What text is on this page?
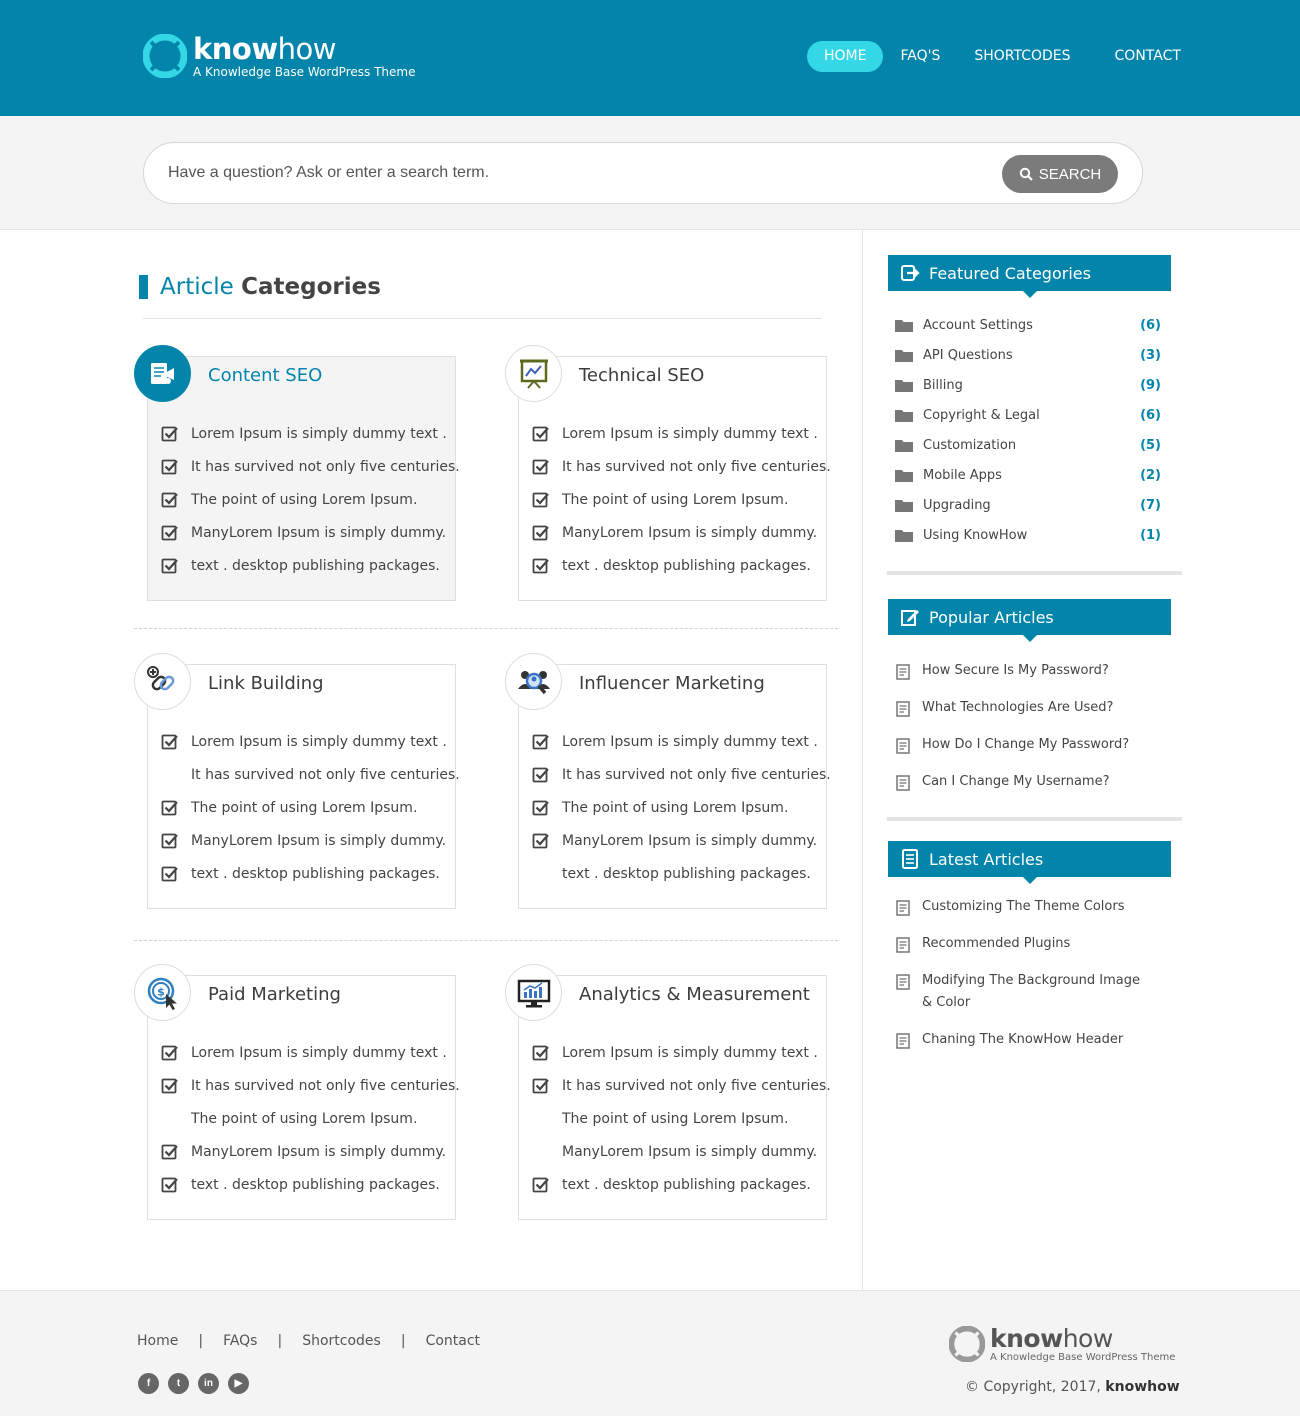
knowhow
A Knowledge Base WordPress Theme
HOME	FAQ'S	SHORTCODES	CONTACT
Have a question? Ask or enter a search term.
SEARCH
Article Categories
Content SEO
Lorem Ipsum is simply dummy text .
It has survived not only five centuries.
The point of using Lorem Ipsum.
ManyLorem Ipsum is simply dummy.
text . desktop publishing packages.
Technical SEO
Lorem Ipsum is simply dummy text .
It has survived not only five centuries.
The point of using Lorem Ipsum.
ManyLorem Ipsum is simply dummy.
text . desktop publishing packages.
Link Building
Lorem Ipsum is simply dummy text .
It has survived not only five centuries.
The point of using Lorem Ipsum.
ManyLorem Ipsum is simply dummy.
text . desktop publishing packages.
Influencer Marketing
Lorem Ipsum is simply dummy text .
It has survived not only five centuries.
The point of using Lorem Ipsum.
ManyLorem Ipsum is simply dummy.
text . desktop publishing packages.
$ Paid Marketing
Lorem Ipsum is simply dummy text .
It has survived not only five centuries.
The point of using Lorem Ipsum.
ManyLorem Ipsum is simply dummy.
text . desktop publishing packages.
Analytics & Measurement
Lorem Ipsum is simply dummy text .
It has survived not only five centuries.
The point of using Lorem Ipsum.
ManyLorem Ipsum is simply dummy.
text . desktop publishing packages.
Featured Categories
Account Settings	(6)
API Questions	(3)
Billing	(9)
Copyright & Legal	(6)
Customization	(5)
Mobile Apps	(2)
Upgrading	(7)
Using KnowHow	(1)
Popular Articles
How Secure Is My Password?
What Technologies Are Used?
How Do I Change My Password?
Can I Change My Username?
Latest Articles
Customizing The Theme Colors
Recommended Plugins
Modifying The Background Image & Color
Chaning The KnowHow Header
Home | FAQs | Shortcodes | Contact
f	t	in	▶
knowhow
A Knowledge Base WordPress Theme
© Copyright, 2017, knowhow
